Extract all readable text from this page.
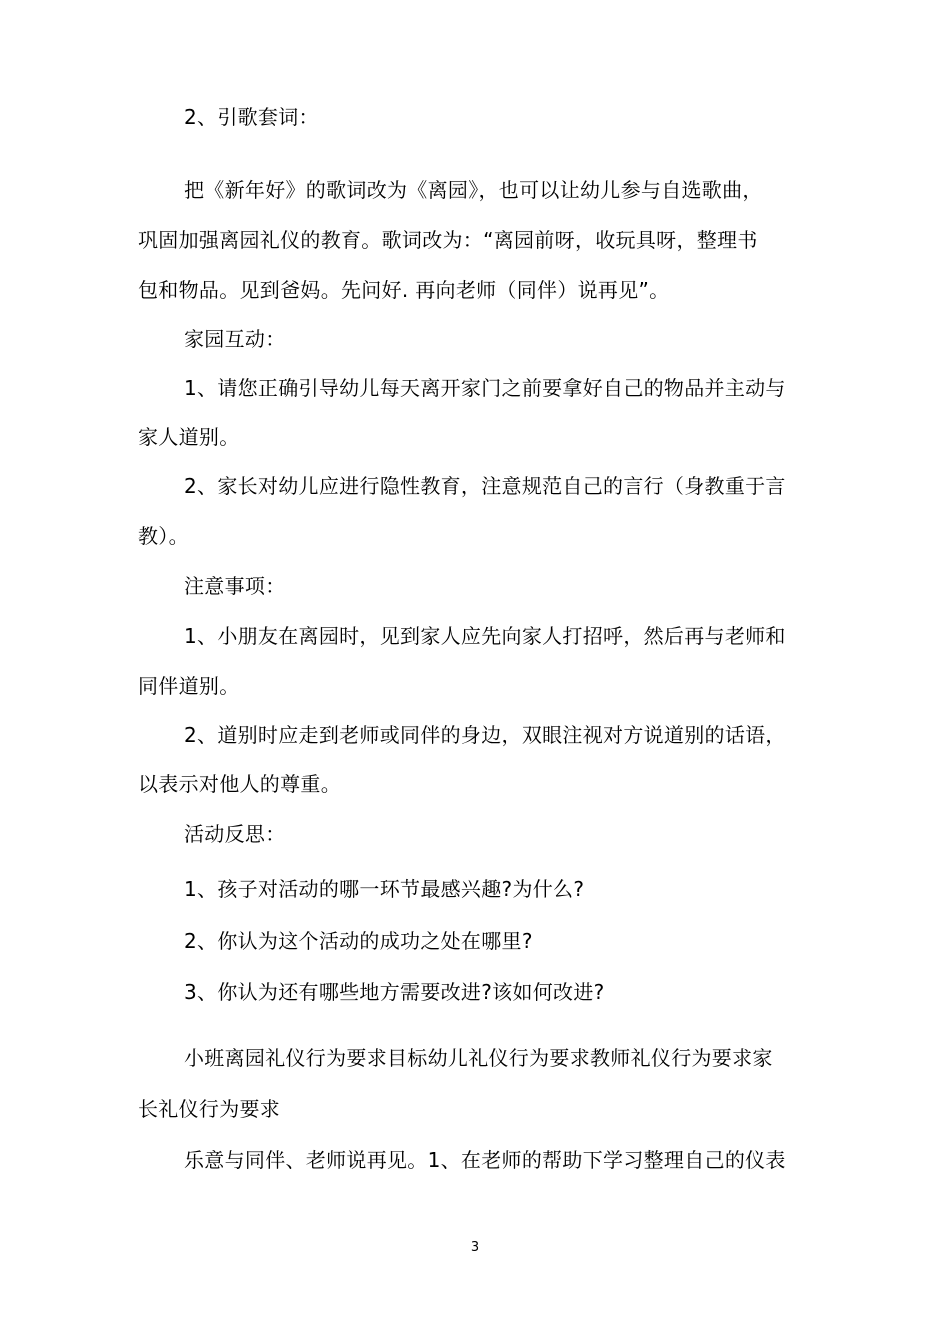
2、引歌套词：
把《新年好》的歌词改为《离园》，也可以让幼儿参与自选歌曲，
巩固加强离园礼仪的教育。歌词改为：“离园前呀，收玩具呀，整理书
包和物品。见到爸妈。先问好. 再向老师（同伴）说再见”。
家园互动：
1、请您正确引导幼儿每天离开家门之前要拿好自己的物品并主动与
家人道别。
2、家长对幼儿应进行隐性教育，注意规范自己的言行（身教重于言
教）。
注意事项：
1、小朋友在离园时，见到家人应先向家人打招呼，然后再与老师和
同伴道别。
2、道别时应走到老师或同伴的身边，双眼注视对方说道别的话语，
以表示对他人的尊重。
活动反思：
1、孩子对活动的哪一环节最感兴趣?为什么?
2、你认为这个活动的成功之处在哪里?
3、你认为还有哪些地方需要改进?该如何改进?
小班离园礼仪行为要求目标幼儿礼仪行为要求教师礼仪行为要求家
长礼仪行为要求
乐意与同伴、老师说再见。1、在老师的帮助下学习整理自己的仪表
3
